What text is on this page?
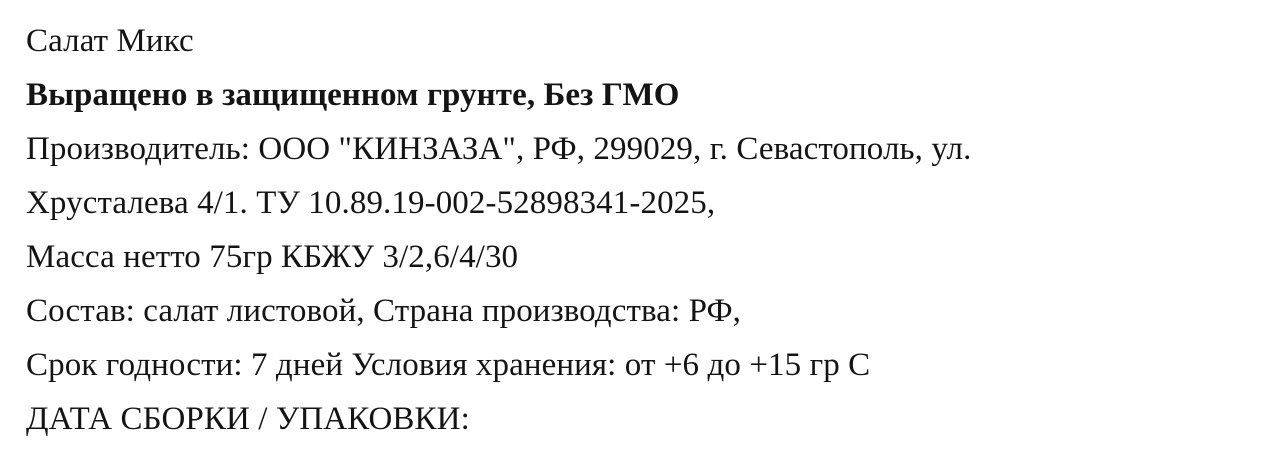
Салат Микс
Выращено в защищенном грунте, Без ГМО
Производитель: ООО "КИНЗАЗА", РФ, 299029, г. Севастополь, ул.
Хрусталева 4/1. ТУ 10.89.19-002-52898341-2025,
Масса нетто 75гр КБЖУ 3/2,6/4/30
Состав: салат листовой, Страна производства: РФ,
Срок годности: 7 дней Условия хранения: от +6 до +15 гр С
ДАТА СБОРКИ / УПАКОВКИ:
